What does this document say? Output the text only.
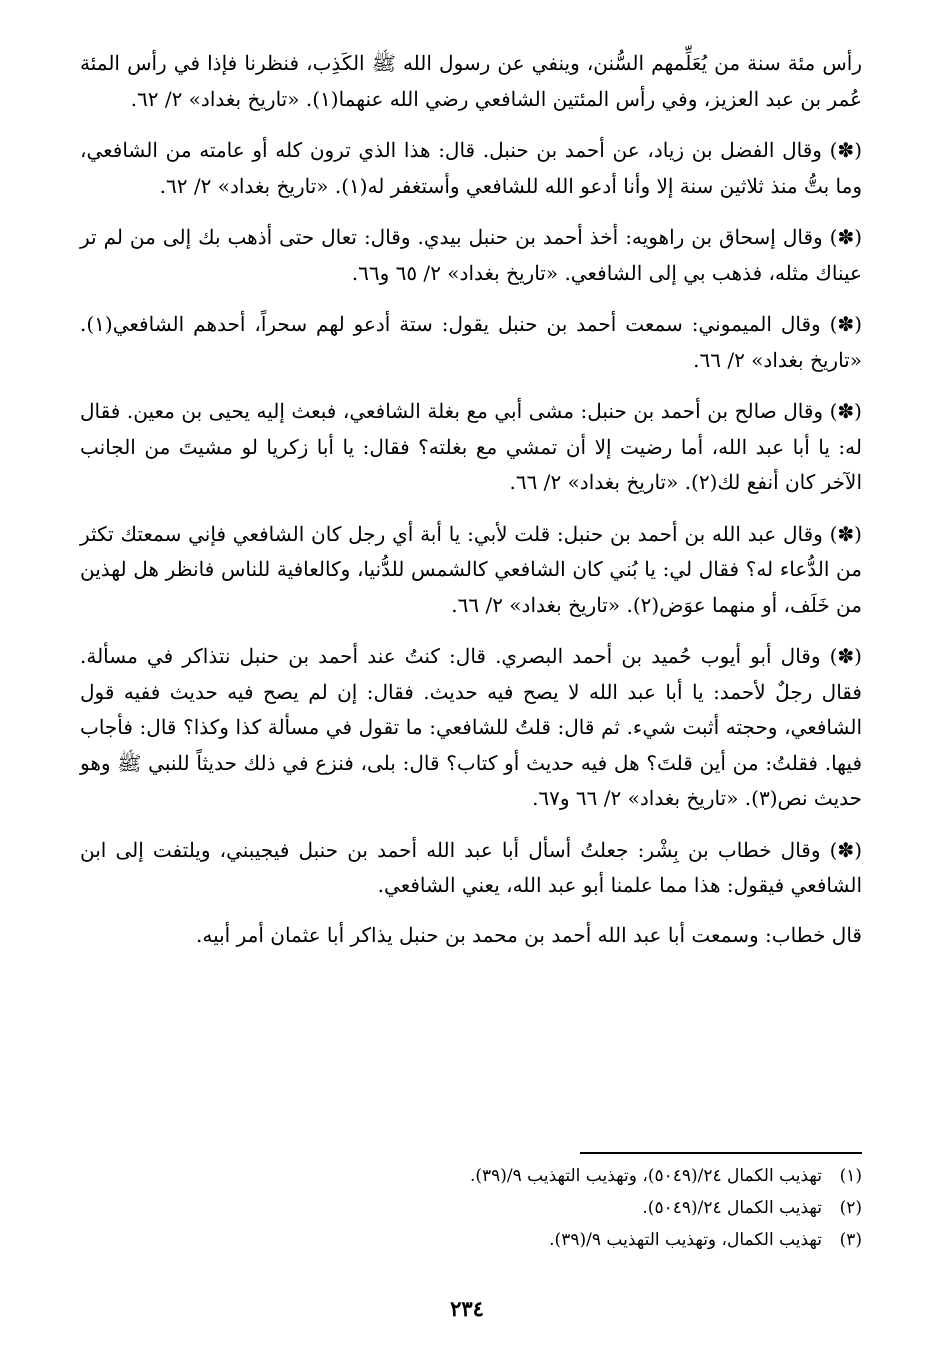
رأس مئة سنة من يُعَلِّمهم السُّنن، وينفي عن رسول الله ﷺ الكَذِب، فنظرنا فإذا في رأس المئة عُمر بن عبد العزيز، وفي رأس المئتين الشافعي رضي الله عنهما(١). «تاريخ بغداد» ٢/ ٦٢.

(✽) وقال الفضل بن زياد، عن أحمد بن حنبل. قال: هذا الذي ترون كله أو عامته من الشافعي، وما بتُّ منذ ثلاثين سنة إلا وأنا أدعو الله للشافعي وأستغفر له(١). «تاريخ بغداد» ٢/ ٦٢.

(✽) وقال إسحاق بن راهويه: أخذ أحمد بن حنبل بيدي. وقال: تعال حتى أذهب بك إلى من لم تر عيناك مثله، فذهب بي إلى الشافعي. «تاريخ بغداد» ٢/ ٦٥ و٦٦.

(✽) وقال الميموني: سمعت أحمد بن حنبل يقول: ستة أدعو لهم سحراً، أحدهم الشافعي(١). «تاريخ بغداد» ٢/ ٦٦.

(✽) وقال صالح بن أحمد بن حنبل: مشى أبي مع بغلة الشافعي، فبعث إليه يحيى بن معين. فقال له: يا أبا عبد الله، أما رضيت إلا أن تمشي مع بغلته؟ فقال: يا أبا زكريا لو مشيتَ من الجانب الآخر كان أنفع لك(٢). «تاريخ بغداد» ٢/ ٦٦.

(✽) وقال عبد الله بن أحمد بن حنبل: قلت لأبي: يا أبة أي رجل كان الشافعي فإني سمعتك تكثر من الدُّعاء له؟ فقال لي: يا بُني كان الشافعي كالشمس للدُّنيا، وكالعافية للناس فانظر هل لهذين من خَلَف، أو منهما عوَض(٢). «تاريخ بغداد» ٢/ ٦٦.

(✽) وقال أبو أيوب حُميد بن أحمد البصري. قال: كنتُ عند أحمد بن حنبل نتذاكر في مسألة. فقال رجلٌ لأحمد: يا أبا عبد الله لا يصح فيه حديث. فقال: إن لم يصح فيه حديث ففيه قول الشافعي، وحجته أثبت شيء. ثم قال: قلتُ للشافعي: ما تقول في مسألة كذا وكذا؟ قال: فأجاب فيها. فقلتُ: من أين قلتَ؟ هل فيه حديث أو كتاب؟ قال: بلى، فنزع في ذلك حديثاً للنبي ﷺ وهو حديث نص(٣). «تاريخ بغداد» ٢/ ٦٦ و٦٧.

(✽) وقال خطاب بن بِشْر: جعلتُ أسأل أبا عبد الله أحمد بن حنبل فيجيبني، ويلتفت إلى ابن الشافعي فيقول: هذا مما علمنا أبو عبد الله، يعني الشافعي.

قال خطاب: وسمعت أبا عبد الله أحمد بن محمد بن حنبل يذاكر أبا عثمان أمر أبيه.

(١)
تهذيب الكمال ٢٤/(٥٠٤٩)، وتهذيب التهذيب ٩/(٣٩).
(٢)
تهذيب الكمال ٢٤/(٥٠٤٩).
(٣)
تهذيب الكمال، وتهذيب التهذيب ٩/(٣٩).
٢٣٤
